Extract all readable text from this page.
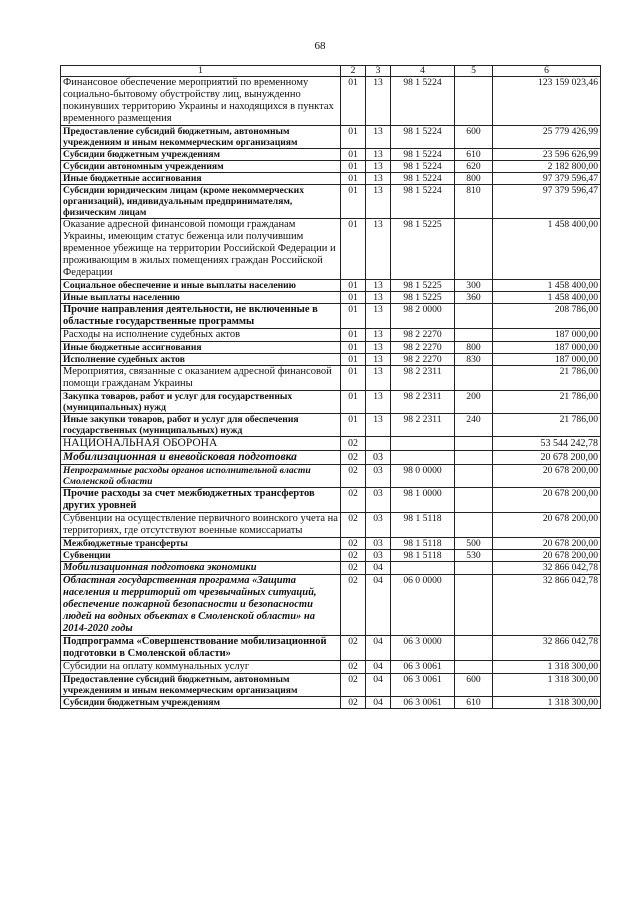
68
1	2	3	4	5	6
Финансовое обеспечение мероприятий по временному социально-бытовому обустройству лиц, вынужденно покинувших территорию Украины и находящихся в пунктах временного размещения	01	13	98 1 5224		123 159 023,46
Предоставление субсидий бюджетным, автономным учреждениям и иным некоммерческим организациям	01	13	98 1 5224	600	25 779 426,99
Субсидии бюджетным учреждениям	01	13	98 1 5224	610	23 596 626,99
Субсидии автономным учреждениям	01	13	98 1 5224	620	2 182 800,00
Иные бюджетные ассигнования	01	13	98 1 5224	800	97 379 596,47
Субсидии юридическим лицам (кроме некоммерческих организаций), индивидуальным предпринимателям, физическим лицам	01	13	98 1 5224	810	97 379 596,47
Оказание адресной финансовой помощи гражданам Украины, имеющим статус беженца или получившим временное убежище на территории Российской Федерации и проживающим в жилых помещениях граждан Российской Федерации	01	13	98 1 5225		1 458 400,00
Социальное обеспечение и иные выплаты населению	01	13	98 1 5225	300	1 458 400,00
Иные выплаты населению	01	13	98 1 5225	360	1 458 400,00
Прочие направления деятельности, не включенные в областные государственные программы	01	13	98 2 0000		208 786,00
Расходы на исполнение судебных актов	01	13	98 2 2270		187 000,00
Иные бюджетные ассигнования	01	13	98 2 2270	800	187 000,00
Исполнение судебных актов	01	13	98 2 2270	830	187 000,00
Мероприятия, связанные с оказанием адресной финансовой помощи гражданам Украины	01	13	98 2 2311		21 786,00
Закупка товаров, работ и услуг для государственных (муниципальных) нужд	01	13	98 2 2311	200	21 786,00
Иные закупки товаров, работ и услуг для обеспечения государственных (муниципальных) нужд	01	13	98 2 2311	240	21 786,00
НАЦИОНАЛЬНАЯ ОБОРОНА	02				53 544 242,78
Мобилизационная и вневойсковая подготовка	02	03			20 678 200,00
Непрограммные расходы органов исполнительной власти Смоленской области	02	03	98 0 0000		20 678 200,00
Прочие расходы за счет межбюджетных трансфертов других уровней	02	03	98 1 0000		20 678 200,00
Субвенции на осуществление первичного воинского учета на территориях, где отсутствуют военные комиссариаты	02	03	98 1 5118		20 678 200,00
Межбюджетные трансферты	02	03	98 1 5118	500	20 678 200,00
Субвенции	02	03	98 1 5118	530	20 678 200,00
Мобилизационная подготовка экономики	02	04			32 866 042,78
Областная государственная программа «Защита населения и территорий от чрезвычайных ситуаций, обеспечение пожарной безопасности и безопасности людей на водных объектах в Смоленской области» на 2014-2020 годы	02	04	06 0 0000		32 866 042,78
Подпрограмма «Совершенствование мобилизационной подготовки в Смоленской области»	02	04	06 3 0000		32 866 042,78
Субсидии на оплату коммунальных услуг	02	04	06 3 0061		1 318 300,00
Предоставление субсидий бюджетным, автономным учреждениям и иным некоммерческим организациям	02	04	06 3 0061	600	1 318 300,00
Субсидии бюджетным учреждениям	02	04	06 3 0061	610	1 318 300,00
